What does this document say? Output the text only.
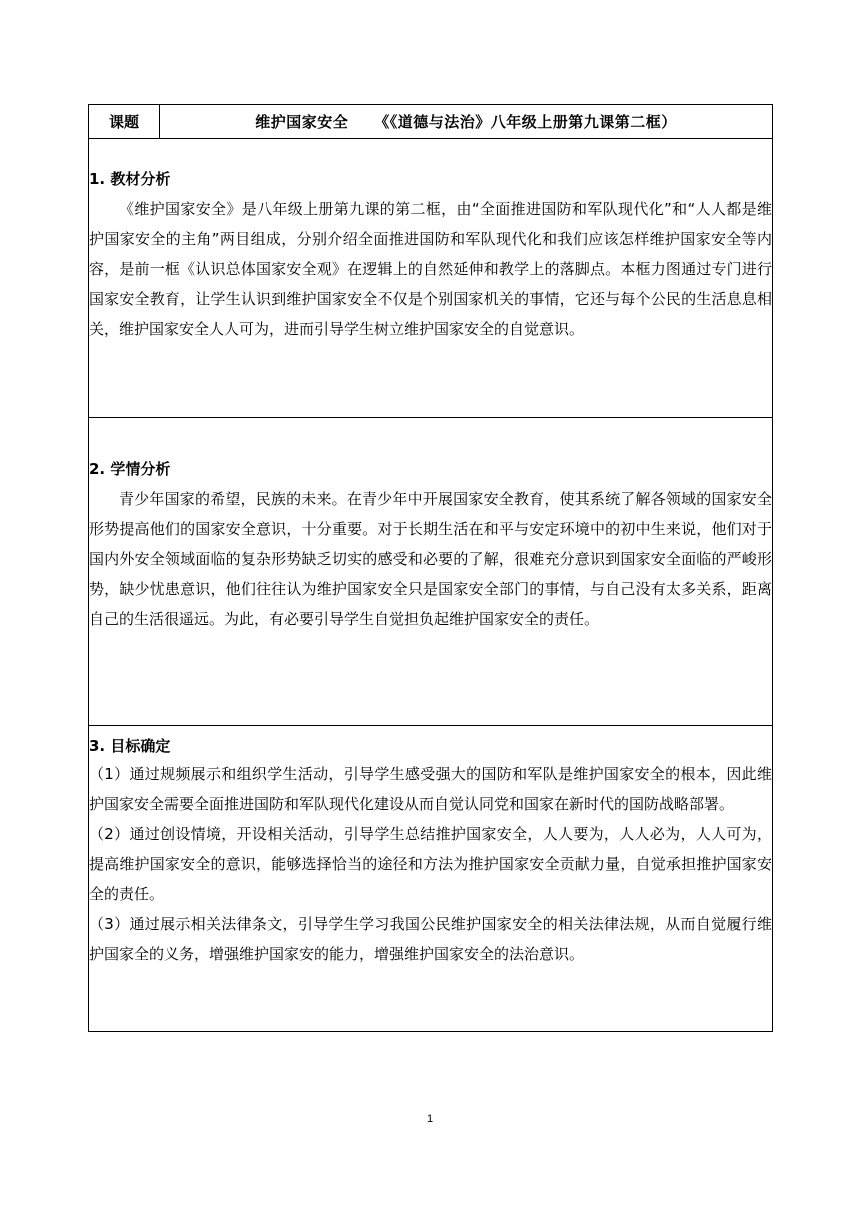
课题	维护国家安全 《《道德与法治》八年级上册第九课第二框）

1. 教材分析

《维护国家安全》是八年级上册第九课的第二框，由“全面推进国防和军队现代化”和“人人都是维护国家安全的主角”两目组成，分别介绍全面推进国防和军队现代化和我们应该怎样维护国家安全等内容，是前一框《认识总体国家安全观》在逻辑上的自然延伸和教学上的落脚点。本框力图通过专门进行国家安全教育，让学生认识到维护国家安全不仅是个别国家机关的事情，它还与每个公民的生活息息相关，维护国家安全人人可为，进而引导学生树立维护国家安全的自觉意识。

2. 学情分析

青少年国家的希望，民族的未来。在青少年中开展国家安全教育，使其系统了解各领域的国家安全形势提高他们的国家安全意识，十分重要。对于长期生活在和平与安定环境中的初中生来说，他们对于国内外安全领域面临的复杂形势缺乏切实的感受和必要的了解，很难充分意识到国家安全面临的严峻形势，缺少忧患意识，他们往往认为维护国家安全只是国家安全部门的事情，与自己没有太多关系，距离自己的生活很遥远。为此，有必要引导学生自觉担负起维护国家安全的责任。

3. 目标确定

（1）通过规频展示和组织学生活动，引导学生感受强大的国防和军队是维护国家安全的根本，因此维护国家安全需要全面推进国防和军队现代化建设从而自觉认同党和国家在新时代的国防战略部署。

（2）通过创设情境，开设相关活动，引导学生总结推护国家安全，人人要为，人人必为，人人可为，提高维护国家安全的意识，能够选择恰当的途径和方法为推护国家安全贡献力量，自觉承担推护国家安全的责任。

（3）通过展示相关法律条文，引导学生学习我国公民维护国家安全的相关法律法规，从而自觉履行维护国家全的义务，增强维护国家安的能力，增强维护国家安全的法治意识。

1
